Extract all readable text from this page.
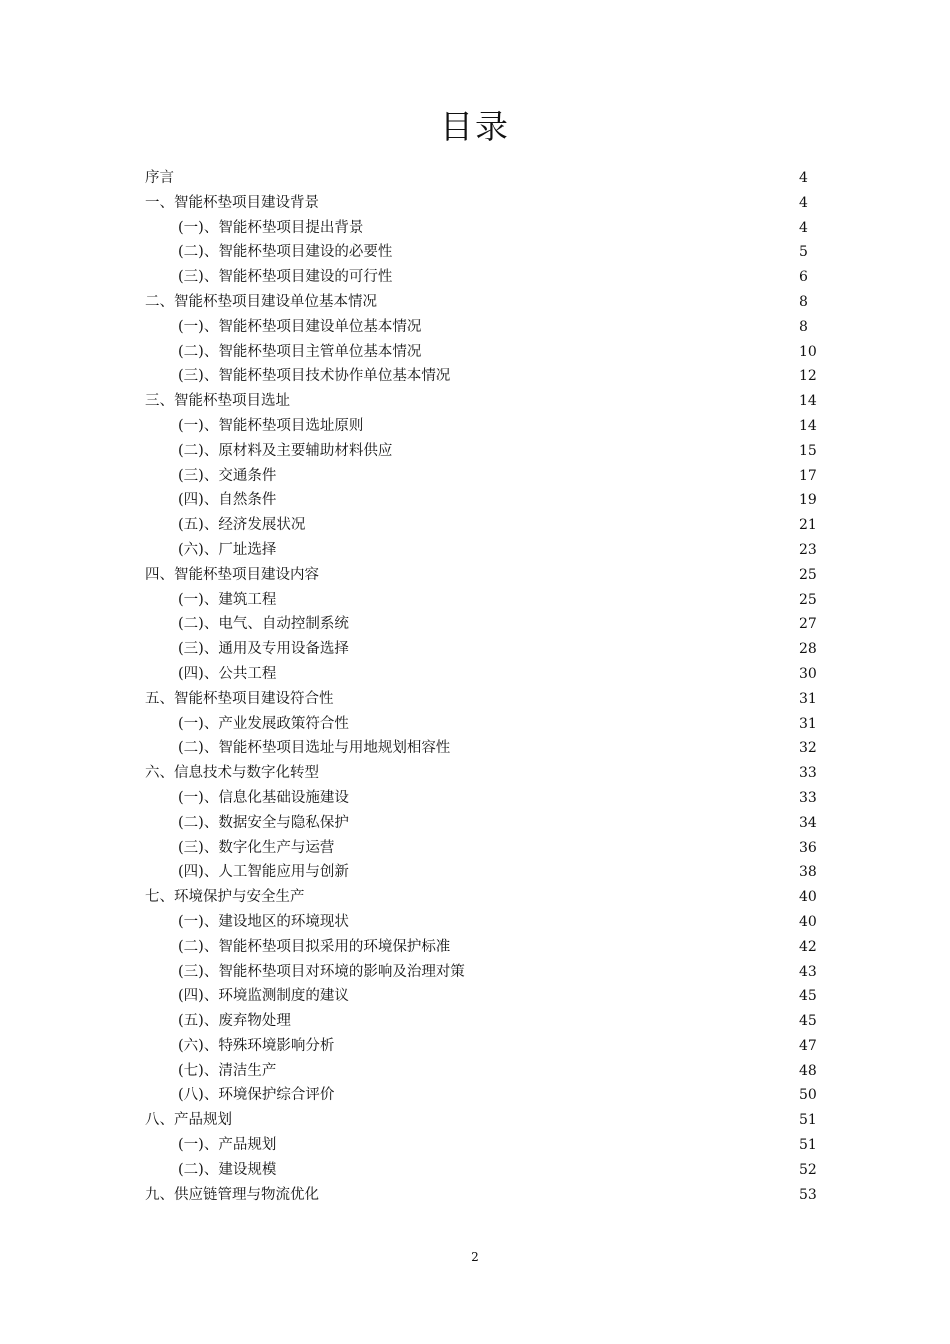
目录
序言	4
一、智能杯垫项目建设背景	4
(一)、智能杯垫项目提出背景	4
(二)、智能杯垫项目建设的必要性	5
(三)、智能杯垫项目建设的可行性	6
二、智能杯垫项目建设单位基本情况	8
(一)、智能杯垫项目建设单位基本情况	8
(二)、智能杯垫项目主管单位基本情况	10
(三)、智能杯垫项目技术协作单位基本情况	12
三、智能杯垫项目选址	14
(一)、智能杯垫项目选址原则	14
(二)、原材料及主要辅助材料供应	15
(三)、交通条件	17
(四)、自然条件	19
(五)、经济发展状况	21
(六)、厂址选择	23
四、智能杯垫项目建设内容	25
(一)、建筑工程	25
(二)、电气、自动控制系统	27
(三)、通用及专用设备选择	28
(四)、公共工程	30
五、智能杯垫项目建设符合性	31
(一)、产业发展政策符合性	31
(二)、智能杯垫项目选址与用地规划相容性	32
六、信息技术与数字化转型	33
(一)、信息化基础设施建设	33
(二)、数据安全与隐私保护	34
(三)、数字化生产与运营	36
(四)、人工智能应用与创新	38
七、环境保护与安全生产	40
(一)、建设地区的环境现状	40
(二)、智能杯垫项目拟采用的环境保护标准	42
(三)、智能杯垫项目对环境的影响及治理对策	43
(四)、环境监测制度的建议	45
(五)、废弃物处理	45
(六)、特殊环境影响分析	47
(七)、清洁生产	48
(八)、环境保护综合评价	50
八、产品规划	51
(一)、产品规划	51
(二)、建设规模	52
九、供应链管理与物流优化	53
2
